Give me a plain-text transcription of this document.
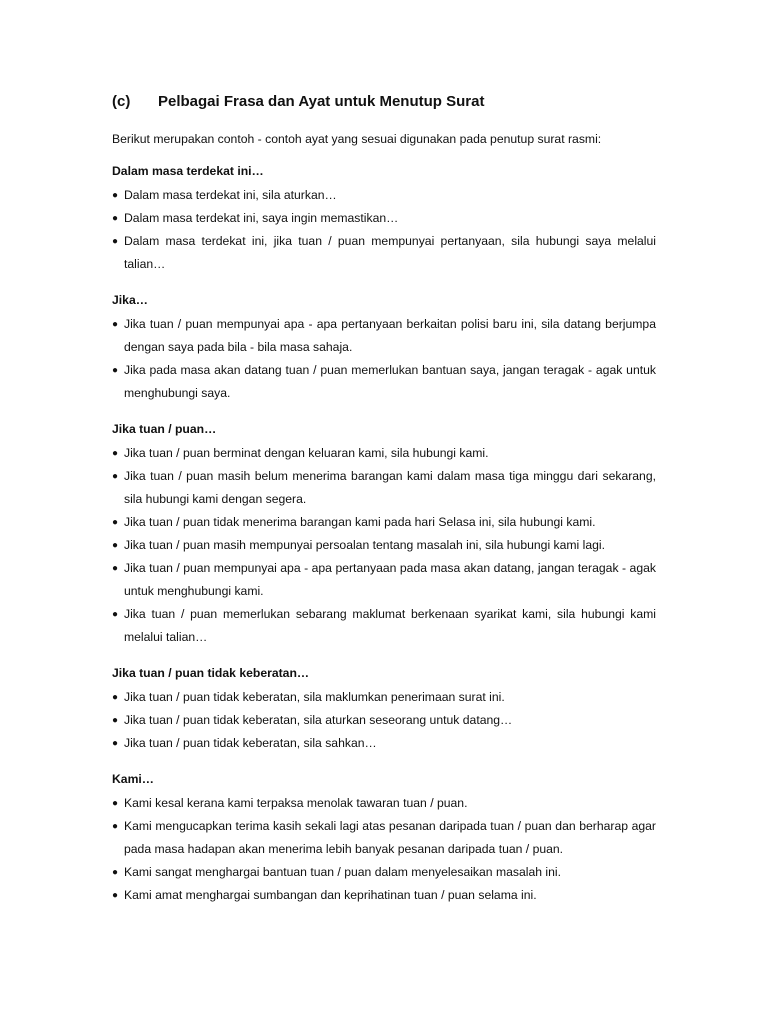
(c)	Pelbagai Frasa dan Ayat untuk Menutup Surat

Berikut merupakan contoh - contoh ayat yang sesuai digunakan pada penutup surat rasmi:

Dalam masa terdekat ini…
● Dalam masa terdekat ini, sila aturkan…
● Dalam masa terdekat ini, saya ingin memastikan…
● Dalam masa terdekat ini, jika tuan / puan mempunyai pertanyaan, sila hubungi saya melalui talian…
Jika…
● Jika tuan / puan mempunyai apa - apa pertanyaan berkaitan polisi baru ini, sila datang berjumpa dengan saya pada bila - bila masa sahaja.
● Jika pada masa akan datang tuan / puan memerlukan bantuan saya, jangan teragak - agak untuk menghubungi saya.
Jika tuan / puan…
● Jika tuan / puan berminat dengan keluaran kami, sila hubungi kami.
● Jika tuan / puan masih belum menerima barangan kami dalam masa tiga minggu dari sekarang, sila hubungi kami dengan segera.
● Jika tuan / puan tidak menerima barangan kami pada hari Selasa ini, sila hubungi kami.
● Jika tuan / puan masih mempunyai persoalan tentang masalah ini, sila hubungi kami lagi.
● Jika tuan / puan mempunyai apa - apa pertanyaan pada masa akan datang, jangan teragak - agak untuk menghubungi kami.
● Jika tuan / puan memerlukan sebarang maklumat berkenaan syarikat kami, sila hubungi kami melalui talian…
Jika tuan / puan tidak keberatan…
● Jika tuan / puan tidak keberatan, sila maklumkan penerimaan surat ini.
● Jika tuan / puan tidak keberatan, sila aturkan seseorang untuk datang…
● Jika tuan / puan tidak keberatan, sila sahkan…
Kami…
● Kami kesal kerana kami terpaksa menolak tawaran tuan / puan.
● Kami mengucapkan terima kasih sekali lagi atas pesanan daripada tuan / puan dan berharap agar pada masa hadapan akan menerima lebih banyak pesanan daripada tuan / puan.
● Kami sangat menghargai bantuan tuan / puan dalam menyelesaikan masalah ini.
● Kami amat menghargai sumbangan dan keprihatinan tuan / puan selama ini.
